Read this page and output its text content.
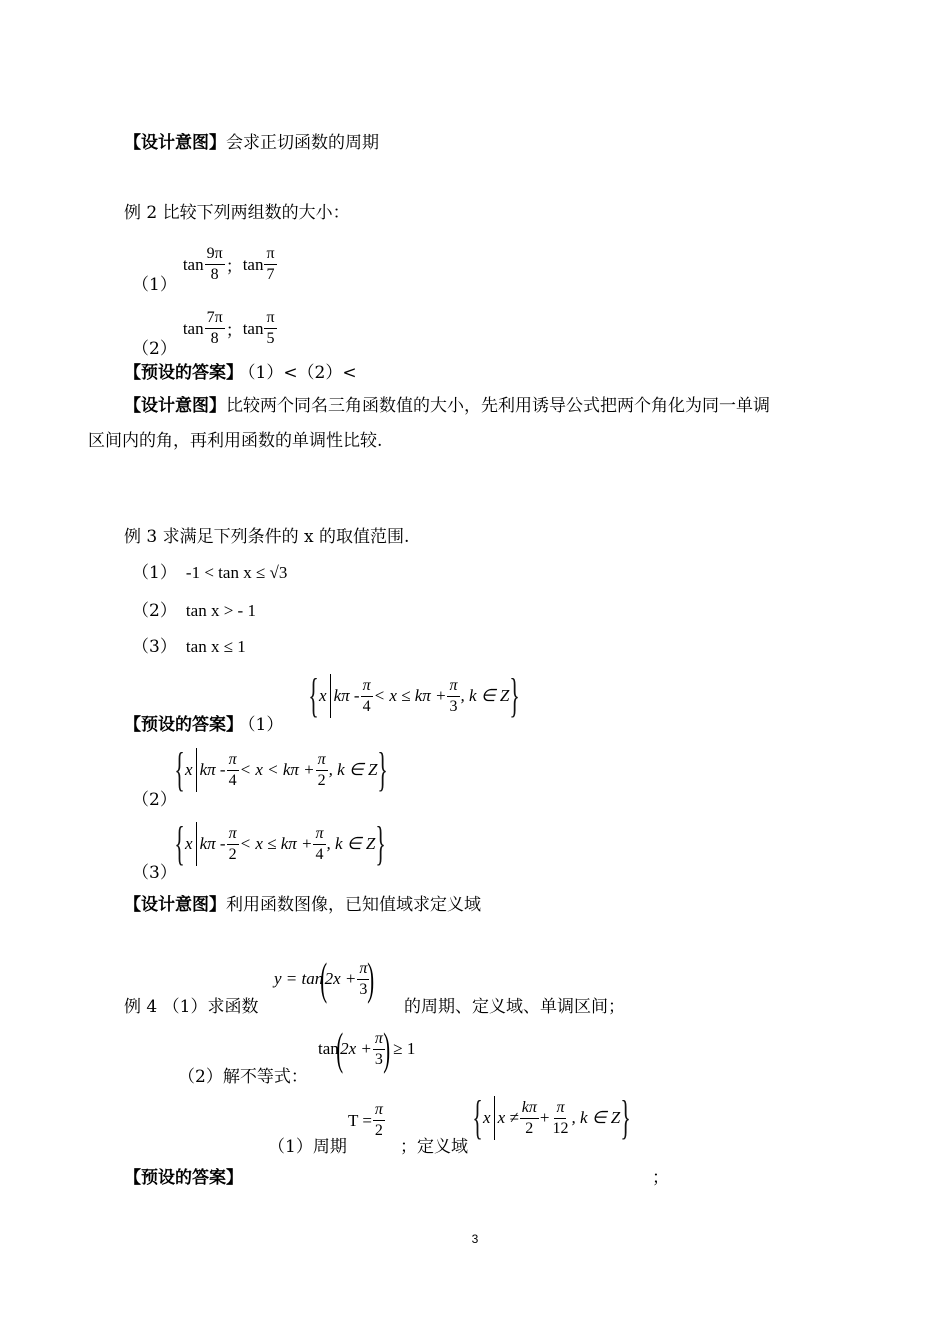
【设计意图】会求正切函数的周期
例 2 比较下列两组数的大小：
（1）
$\tan \frac{9\pi}{8}$ ； $\tan \frac{\pi}{7}$
（2）
$\tan \frac{7\pi}{8}$ ； $\tan \frac{\pi}{5}$
【预设的答案】 （1）<（2）<
【设计意图】比较两个同名三角函数值的大小，先利用诱导公式把两个角化为同一单调
区间内的角，再利用函数的单调性比较.
例 3 求满足下列条件的 x 的取值范围.
（1） -1 < tan x ≤ √3
（2） tan x > - 1
（3） tan x ≤ 1
【预设的答案】 （1）
{ x $k\pi - \frac{\pi}{4} < x \le k\pi + \frac{\pi}{3}$ , k ∈ Z }
（2）
{ x $k\pi - \frac{\pi}{4} < x < k\pi + \frac{\pi}{2}$ , k ∈ Z }
（3）
{ x $k\pi - \frac{\pi}{2} < x \le k\pi + \frac{\pi}{4}$ , k ∈ Z }
【设计意图】利用函数图像，已知值域求定义域
y = tan
(
$2x + \frac{\pi}{3}$
)
例 4 （1）求函数	的周期、定义域、单调区间；
tan
(
$2x + \frac{\pi}{3}$
) ≥ 1
（2）解不等式：
（1）周期
$T = \frac{\pi}{2}$
；定义域
{ x $x \ne \frac{k\pi}{2} + \frac{\pi}{12}$ , k ∈ Z }
【预设的答案】	；
3
